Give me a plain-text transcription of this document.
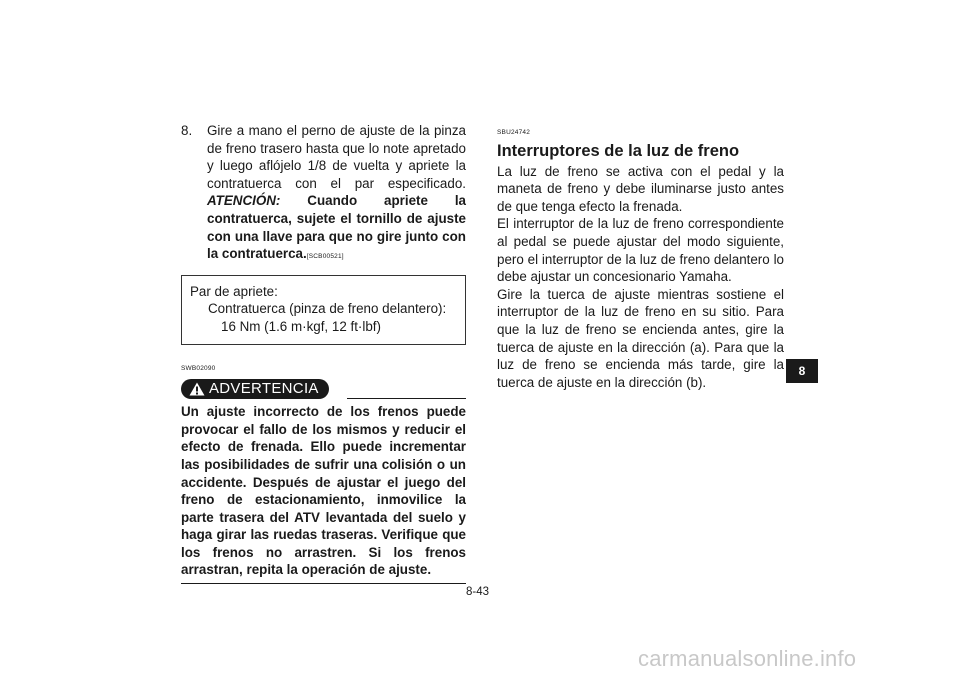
8.	Gire a mano el perno de ajuste de la pinza de freno trasero hasta que lo note apretado y luego aflójelo 1/8 de vuelta y apriete la contratuerca con el par especificado. ATENCIÓN: Cuando apriete la contratuerca, sujete el tornillo de ajuste con una llave para que no gire junto con la contratuerca.[SCB00521]
Par de apriete:
Contratuerca (pinza de freno delantero):
16 Nm (1.6 m·kgf, 12 ft·lbf)
SWB02090
ADVERTENCIA
Un ajuste incorrecto de los frenos puede provocar el fallo de los mismos y reducir el efecto de frenada. Ello puede incrementar las posibilidades de sufrir una colisión o un accidente. Después de ajustar el juego del freno de estacionamiento, inmovilice la parte trasera del ATV levantada del suelo y haga girar las ruedas traseras. Verifique que los frenos no arrastren. Si los frenos arrastran, repita la operación de ajuste.
SBU24742
Interruptores de la luz de freno

La luz de freno se activa con el pedal y la maneta de freno y debe iluminarse justo antes de que tenga efecto la frenada.

El interruptor de la luz de freno correspondiente al pedal se puede ajustar del modo siguiente, pero el interruptor de la luz de freno delantero lo debe ajustar un concesionario Yamaha.

Gire la tuerca de ajuste mientras sostiene el interruptor de la luz de freno en su sitio. Para que la luz de freno se encienda antes, gire la tuerca de ajuste en la dirección (a). Para que la luz de freno se encienda más tarde, gire la tuerca de ajuste en la dirección (b).

8
8-43
carmanualsonline.info
